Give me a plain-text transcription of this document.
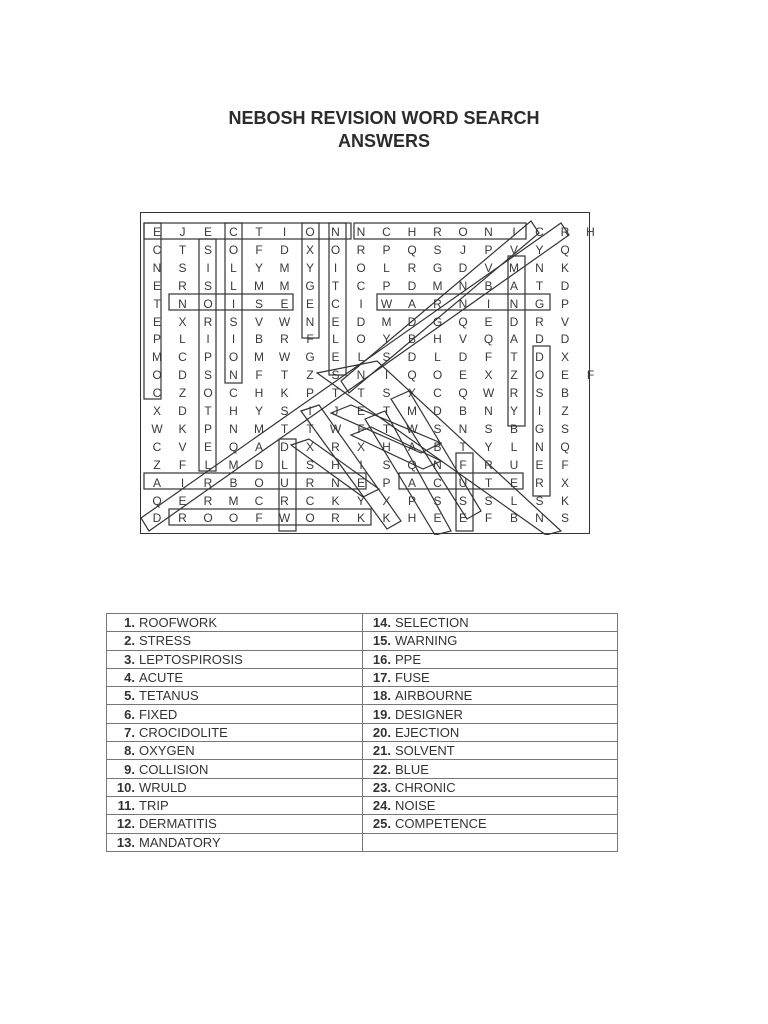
NEBOSH REVISION WORD SEARCH
ANSWERS
E	J	E	C	T	I	O	N	N	C	H	R	O	N	I	C	R	H
C	T	S	O	F	D	X	O	R	P	Q	S	J	P	V	Y	Q
N	S	I	L	Y	M	Y	I	O	L	R	G	D	V	M	N	K
E	R	S	L	M	M	G	T	C	P	D	M	N	B	A	T	D
T	N	O	I	S	E	E	C	I	W	A	R	N	I	N	G	P
E	X	R	S	V	W	N	E	D	M	D	G	Q	E	D	R	V
P	L	I	I	B	R	F	L	O	Y	B	H	V	Q	A	D	D
M	C	P	O	M	W	G	E	L	S	D	L	D	F	T	D	X
O	D	S	N	F	T	Z	S	N	I	Q	O	E	X	Z	O	E	F
C	Z	O	C	H	K	P	T	T	S	X	C	Q	W	R	S	B
X	D	T	H	Y	S	I	J	E	T	M	D	B	N	Y	I	Z
W	K	P	N	M	T	T	W	F	T	W	S	N	S	B	G	S
C	V	E	Q	A	D	X	R	X	H	A	B	T	Y	L	N	Q
Z	F	L	M	D	L	S	H	I	S	Q	N	F	R	U	E	F
A	I	R	B	O	U	R	N	E	P	A	C	U	T	E	R	X
Q	E	R	M	C	R	C	K	Y	X	P	S	S	S	L	S	K
D	R	O	O	F	W	O	R	K	K	H	E	E	F	B	N	S
1. ROOFWORK	14. SELECTION
2. STRESS	15. WARNING
3. LEPTOSPIROSIS	16. PPE
4. ACUTE	17. FUSE
5. TETANUS	18. AIRBOURNE
6. FIXED	19. DESIGNER
7. CROCIDOLITE	20. EJECTION
8. OXYGEN	21. SOLVENT
9. COLLISION	22. BLUE
10. WRULD	23. CHRONIC
11. TRIP	24. NOISE
12. DERMATITIS	25. COMPETENCE
13. MANDATORY	
